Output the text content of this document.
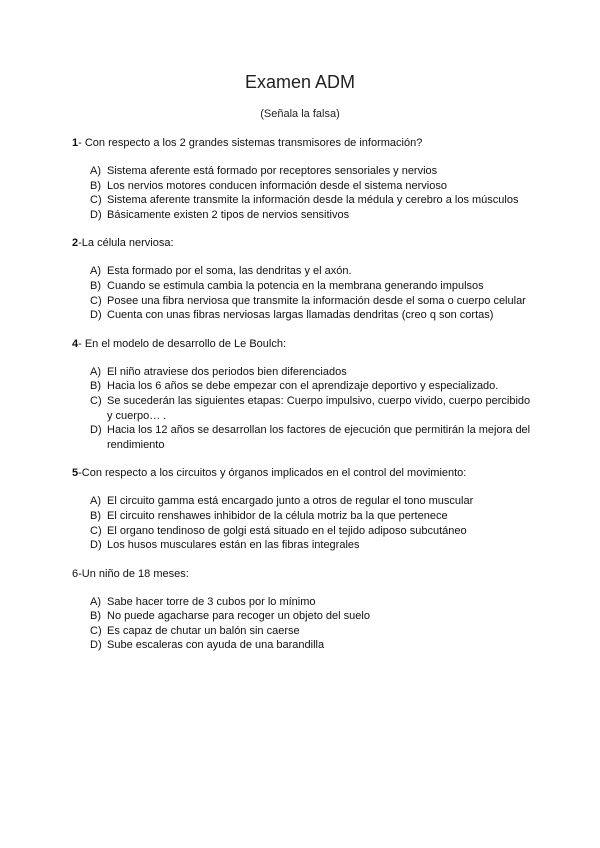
Examen ADM
(Señala la falsa)
1- Con respecto a los 2 grandes sistemas transmisores de información?
A) Sistema aferente está formado por receptores sensoriales y nervios
B) Los nervios motores conducen información desde el sistema nervioso
C) Sistema aferente transmite la información desde la médula y cerebro a los músculos
D) Básicamente existen 2 tipos de nervios sensitivos
2-La célula nerviosa:
A) Esta formado por el soma, las dendritas y el axón.
B) Cuando se estimula cambia la potencia en la membrana generando impulsos
C) Posee una fibra nerviosa que transmite la información desde el soma o cuerpo celular
D) Cuenta con unas fibras nerviosas largas llamadas dendritas (creo q son cortas)
4- En el modelo de desarrollo de Le Boulch:
A) El niño atraviese dos periodos bien diferenciados
B) Hacia los 6 años se debe empezar con el aprendizaje deportivo y especializado.
C) Se sucederán las siguientes etapas: Cuerpo impulsivo, cuerpo vivido, cuerpo percibido y cuerpo… .
D) Hacia los 12 años se desarrollan los factores de ejecución que permitirán la mejora del rendimiento
5-Con respecto a los circuitos y órganos implicados en el control del movimiento:
A) El circuito gamma está encargado junto a otros de regular el tono muscular
B) El circuito renshawes inhibidor de la célula motriz ba la que pertenece
C) El organo tendinoso de golgi está situado en el tejido adiposo subcutáneo
D) Los husos musculares están en las fibras integrales
6-Un niño de 18 meses:
A) Sabe hacer torre de 3 cubos por lo mínimo
B) No puede agacharse para recoger un objeto del suelo
C) Es capaz de chutar un balón sin caerse
D) Sube escaleras con ayuda de una barandilla
